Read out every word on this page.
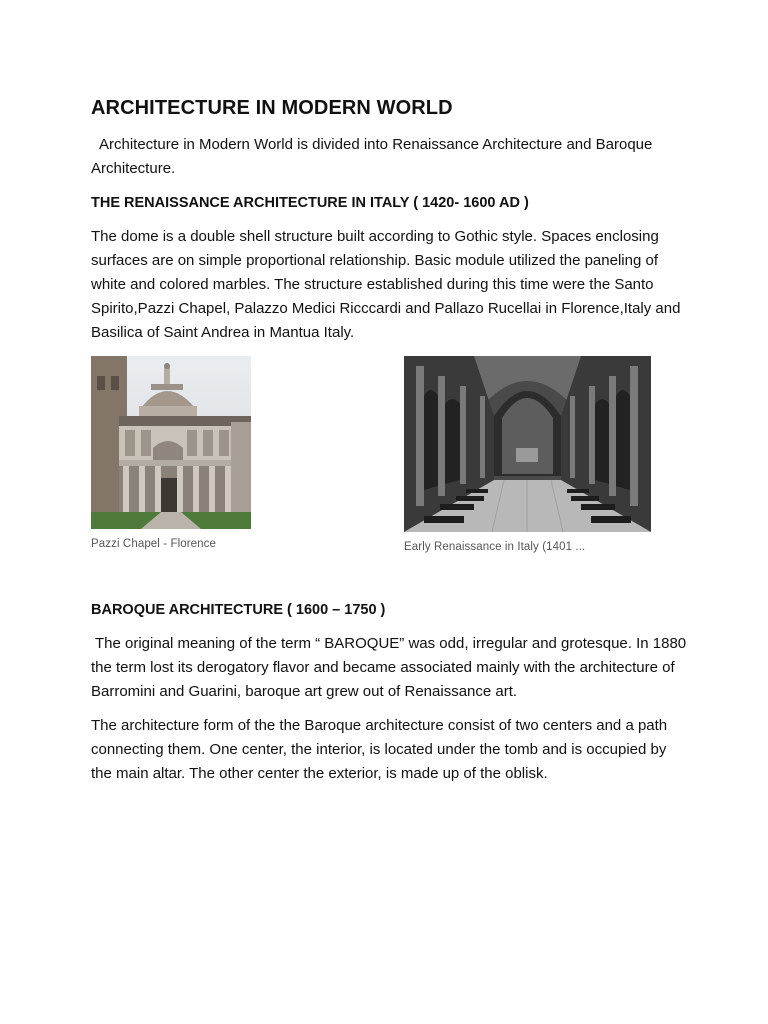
ARCHITECTURE IN MODERN WORLD

Architecture in Modern World is divided into Renaissance Architecture and Baroque Architecture.

THE RENAISSANCE ARCHITECTURE IN ITALY ( 1420- 1600 AD )

The dome is a double shell structure built according to Gothic style. Spaces enclosing surfaces are on simple proportional relationship. Basic module utilized the paneling of white and colored marbles. The structure established during this time were the Santo Spirito,Pazzi Chapel, Palazzo Medici Ricccardi and Pallazo Rucellai in Florence,Italy and Basilica of Saint Andrea in Mantua Italy.

Pazzi Chapel - Florence	Early Renaissance in Italy (1401 ...
BAROQUE ARCHITECTURE ( 1600 – 1750 )

The original meaning of the term “ BAROQUE” was odd, irregular and grotesque. In 1880 the term lost its derogatory flavor and became associated mainly with the architecture of Barromini and Guarini, baroque art grew out of Renaissance art.

The architecture form of the the Baroque architecture consist of two centers and a path connecting them. One center, the interior, is located under the tomb and is occupied by the main altar. The other center the exterior, is made up of the oblisk.
